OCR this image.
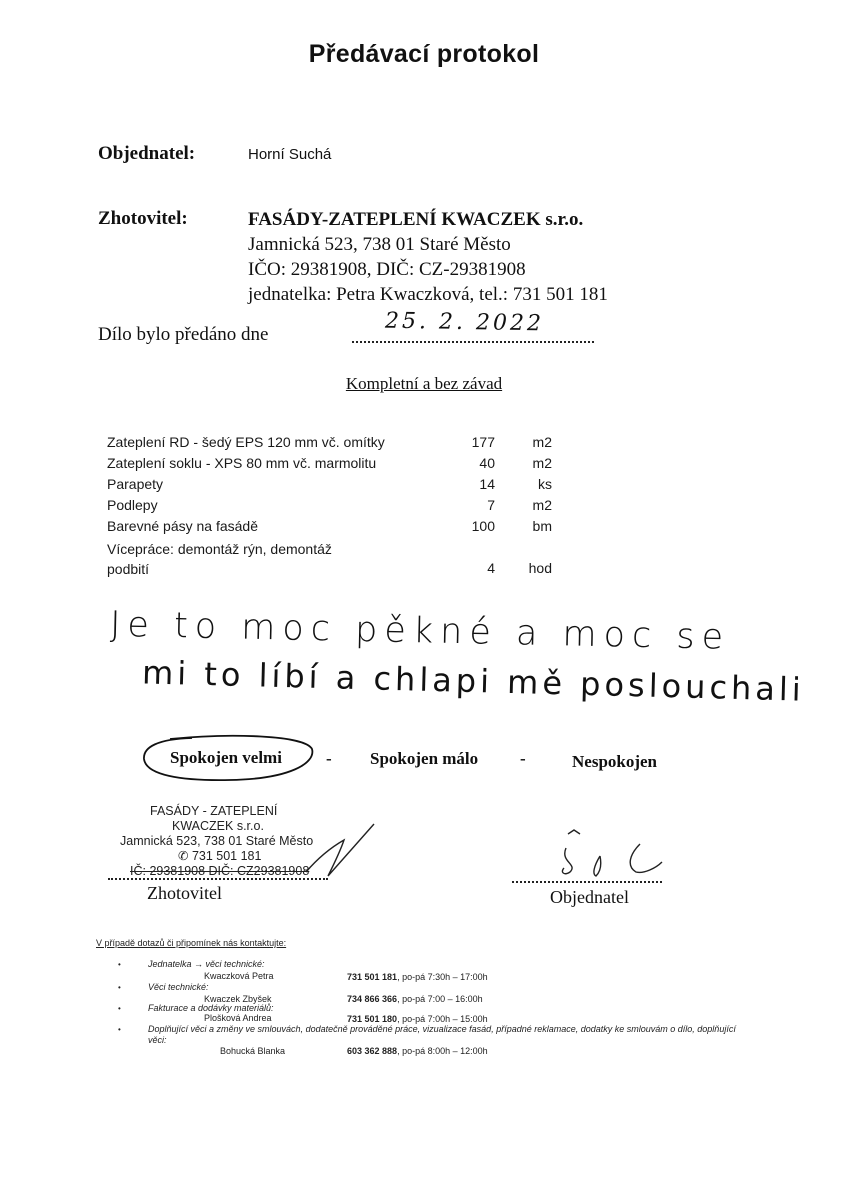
Předávací protokol
Objednatel:	Horní Suchá
Zhotovitel:	FASÁDY-ZATEPLENÍ KWACZEK s.r.o.
Jamnická 523, 738 01 Staré Město
IČO: 29381908, DIČ: CZ-29381908
jednatelka: Petra Kwaczková, tel.: 731 501 181
Dílo bylo předáno dne	25. 2. 2022
Kompletní a bez závad
Zateplení RD - šedý EPS 120 mm vč. omítky	177	m2
Zateplení soklu - XPS 80 mm vč. marmolitu	40	m2
Parapety	14	ks
Podlepy	7	m2
Barevné pásy na fasádě	100	bm
Vícepráce: demontáž rýn, demontáž podbití	4	hod
Je to moc pěkné a moc se
mi to líbí a chlapi mě poslouchali
Spokojen velmi	- Spokojen málo -	Nespokojen
FASÁDY - ZATEPLENÍ
KWACZEK s.r.o.
Jamnická 523, 738 01 Staré Město
✆ 731 501 181
IČ: 29381908 DIČ: CZ29381908
Zhotovitel	Objednatel
V případě dotazů či připomínek nás kontaktujte:
•	Jednatelka → věci technické:
Kwaczková Petra	731 501 181, po-pá 7:30h – 17:00h
•	Věci technické:
Kwaczek Zbyšek	734 866 366, po-pá 7:00 – 16:00h
•	Fakturace a dodávky materiálů:
Plošková Andrea	731 501 180, po-pá 7:00h – 15:00h
•	Doplňující věci a změny ve smlouvách, dodatečně prováděné práce, vizualizace fasád, případné reklamace, dodatky ke smlouvám o dílo, doplňující věci:
Bohucká Blanka	603 362 888, po-pá 8:00h – 12:00h
